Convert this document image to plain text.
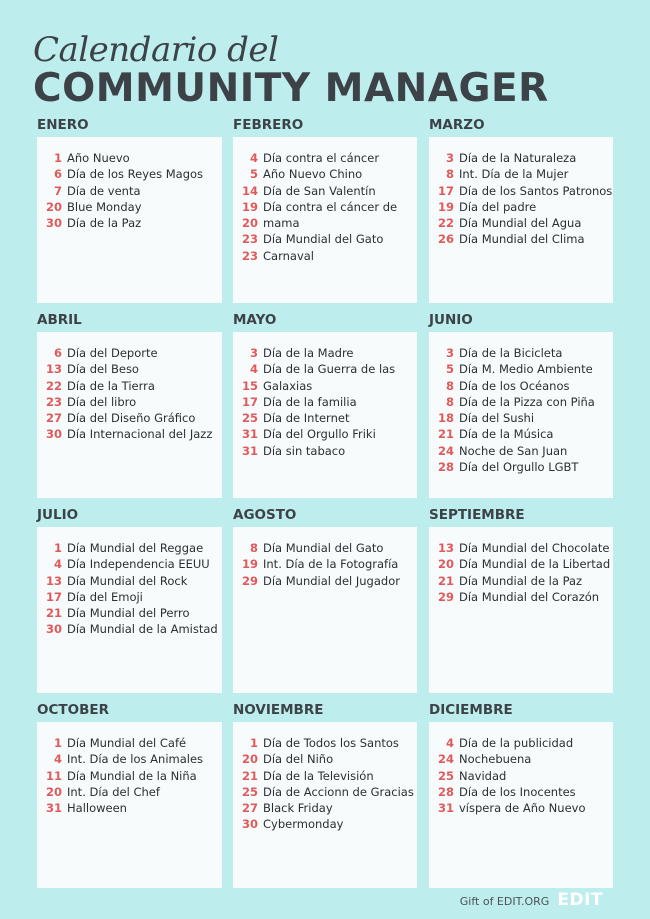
Calendario del
COMMUNITY MANAGER
ENERO
1 Año Nuevo
6 Día de los Reyes Magos
7 Día de venta
20 Blue Monday
30 Día de la Paz
FEBRERO
4 Día contra el cáncer
5 Año Nuevo Chino
14 Día de San Valentín
19 Día contra el cáncer de
20 mama
23 Día Mundial del Gato
23 Carnaval
MARZO
3 Día de la Naturaleza
8 Int. Día de la Mujer
17 Día de los Santos Patronos
19 Día del padre
22 Día Mundial del Agua
26 Día Mundial del Clima
ABRIL
6 Día del Deporte
13 Día del Beso
22 Día de la Tierra
23 Día del libro
27 Día del Diseño Gráfico
30 Día Internacional del Jazz
MAYO
3 Día de la Madre
4 Día de la Guerra de las
15 Galaxias
17 Día de la familia
25 Día de Internet
31 Día del Orgullo Friki
31 Día sin tabaco
JUNIO
3 Día de la Bicicleta
5 Día M. Medio Ambiente
8 Día de los Océanos
8 Día de la Pizza con Piña
18 Día del Sushi
21 Día de la Música
24 Noche de San Juan
28 Día del Orgullo LGBT
JULIO
1 Día Mundial del Reggae
4 Día Independencia EEUU
13 Día Mundial del Rock
17 Día del Emoji
21 Día Mundial del Perro
30 Día Mundial de la Amistad
AGOSTO
8 Día Mundial del Gato
19 Int. Día de la Fotografía
29 Día Mundial del Jugador
SEPTIEMBRE
13 Día Mundial del Chocolate
20 Día Mundial de la Libertad
21 Día Mundial de la Paz
29 Día Mundial del Corazón
OCTOBER
1 Día Mundial del Café
4 Int. Día de los Animales
11 Día Mundial de la Niña
20 Int. Día del Chef
31 Halloween
NOVIEMBRE
1 Día de Todos los Santos
20 Día del Niño
21 Día de la Televisión
25 Día de Accionn de Gracias
27 Black Friday
30 Cybermonday
DICIEMBRE
4 Día de la publicidad
24 Nochebuena
25 Navidad
28 Día de los Inocentes
31 víspera de Año Nuevo
Gift of EDIT.ORG EDIT
